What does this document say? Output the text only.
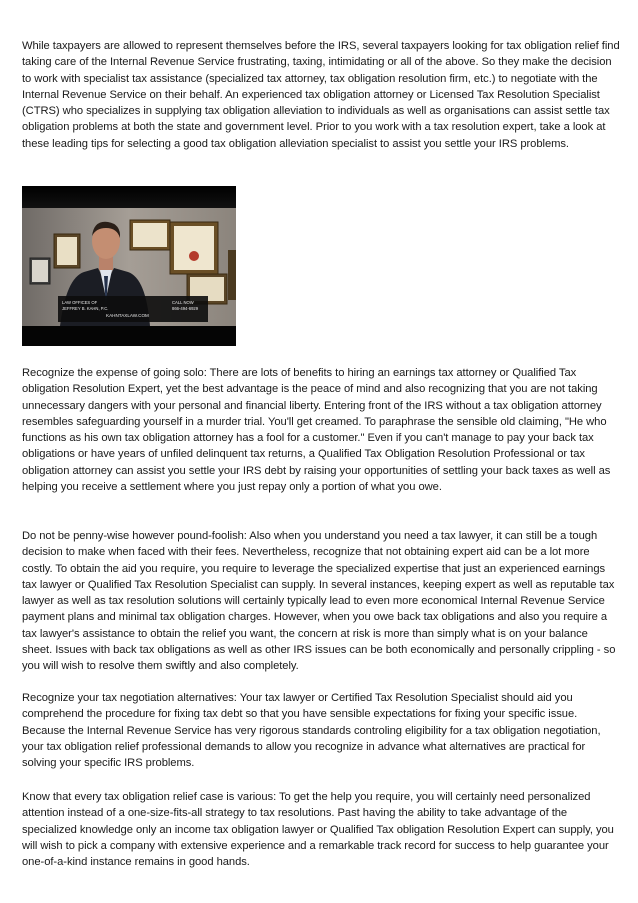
While taxpayers are allowed to represent themselves before the IRS, several taxpayers looking for tax obligation relief find taking care of the Internal Revenue Service frustrating, taxing, intimidating or all of the above. So they make the decision to work with specialist tax assistance (specialized tax attorney, tax obligation resolution firm, etc.) to negotiate with the Internal Revenue Service on their behalf. An experienced tax obligation attorney or Licensed Tax Resolution Specialist (CTRS) who specializes in supplying tax obligation alleviation to individuals as well as organisations can assist settle tax obligation problems at both the state and government level. Prior to you work with a tax resolution expert, take a look at these leading tips for selecting a good tax obligation alleviation specialist to assist you settle your IRS problems.

LAW OFFICES OF
JEFFREY B. KAHN, P.C.
CALL NOW
866-494-6929
KAHNTAXLAW.COM

Recognize the expense of going solo: There are lots of benefits to hiring an earnings tax attorney or Qualified Tax obligation Resolution Expert, yet the best advantage is the peace of mind and also recognizing that you are not taking unnecessary dangers with your personal and financial liberty. Entering front of the IRS without a tax obligation attorney resembles safeguarding yourself in a murder trial. You'll get creamed. To paraphrase the sensible old claiming, "He who functions as his own tax obligation attorney has a fool for a customer." Even if you can't manage to pay your back tax obligations or have years of unfiled delinquent tax returns, a Qualified Tax Obligation Resolution Professional or tax obligation attorney can assist you settle your IRS debt by raising your opportunities of settling your back taxes as well as helping you receive a settlement where you just repay only a portion of what you owe.

Do not be penny-wise however pound-foolish: Also when you understand you need a tax lawyer, it can still be a tough decision to make when faced with their fees. Nevertheless, recognize that not obtaining expert aid can be a lot more costly. To obtain the aid you require, you require to leverage the specialized expertise that just an experienced earnings tax lawyer or Qualified Tax Resolution Specialist can supply. In several instances, keeping expert as well as reputable tax lawyer as well as tax resolution solutions will certainly typically lead to even more economical Internal Revenue Service payment plans and minimal tax obligation charges. However, when you owe back tax obligations and also you require a tax lawyer's assistance to obtain the relief you want, the concern at risk is more than simply what is on your balance sheet. Issues with back tax obligations as well as other IRS issues can be both economically and personally crippling - so you will wish to resolve them swiftly and also completely.

Recognize your tax negotiation alternatives: Your tax lawyer or Certified Tax Resolution Specialist should aid you comprehend the procedure for fixing tax debt so that you have sensible expectations for fixing your specific issue. Because the Internal Revenue Service has very rigorous standards controling eligibility for a tax obligation negotiation, your tax obligation relief professional demands to allow you recognize in advance what alternatives are practical for solving your specific IRS problems.

Know that every tax obligation relief case is various: To get the help you require, you will certainly need personalized attention instead of a one-size-fits-all strategy to tax resolutions. Past having the ability to take advantage of the specialized knowledge only an income tax obligation lawyer or Qualified Tax obligation Resolution Expert can supply, you will wish to pick a company with extensive experience and a remarkable track record for success to help guarantee your one-of-a-kind instance remains in good hands.
